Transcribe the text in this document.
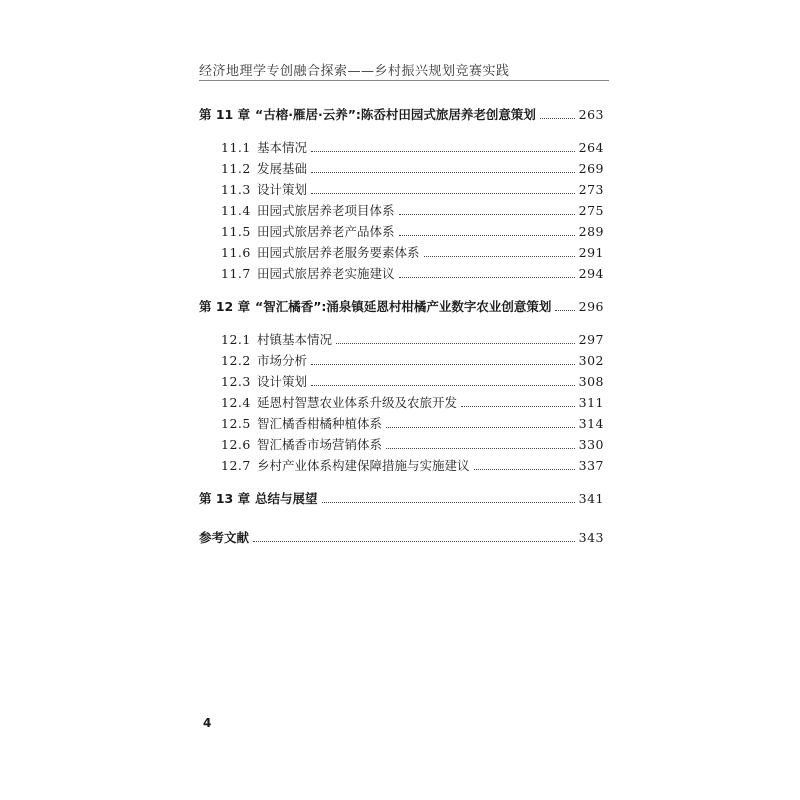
经济地理学专创融合探索——乡村振兴规划竞赛实践
第 11 章 “古榕·雁居·云养”:陈岙村田园式旅居养老创意策划	263
11.1 基本情况	264
11.2 发展基础	269
11.3 设计策划	273
11.4 田园式旅居养老项目体系	275
11.5 田园式旅居养老产品体系	289
11.6 田园式旅居养老服务要素体系	291
11.7 田园式旅居养老实施建议	294
第 12 章 “智汇橘香”:涌泉镇延恩村柑橘产业数字农业创意策划 296
12.1 村镇基本情况	297
12.2 市场分析	302
12.3 设计策划	308
12.4 延恩村智慧农业体系升级及农旅开发	311
12.5 智汇橘香柑橘种植体系	314
12.6 智汇橘香市场营销体系	330
12.7 乡村产业体系构建保障措施与实施建议	337
第 13 章 总结与展望	341
参考文献	343
4
